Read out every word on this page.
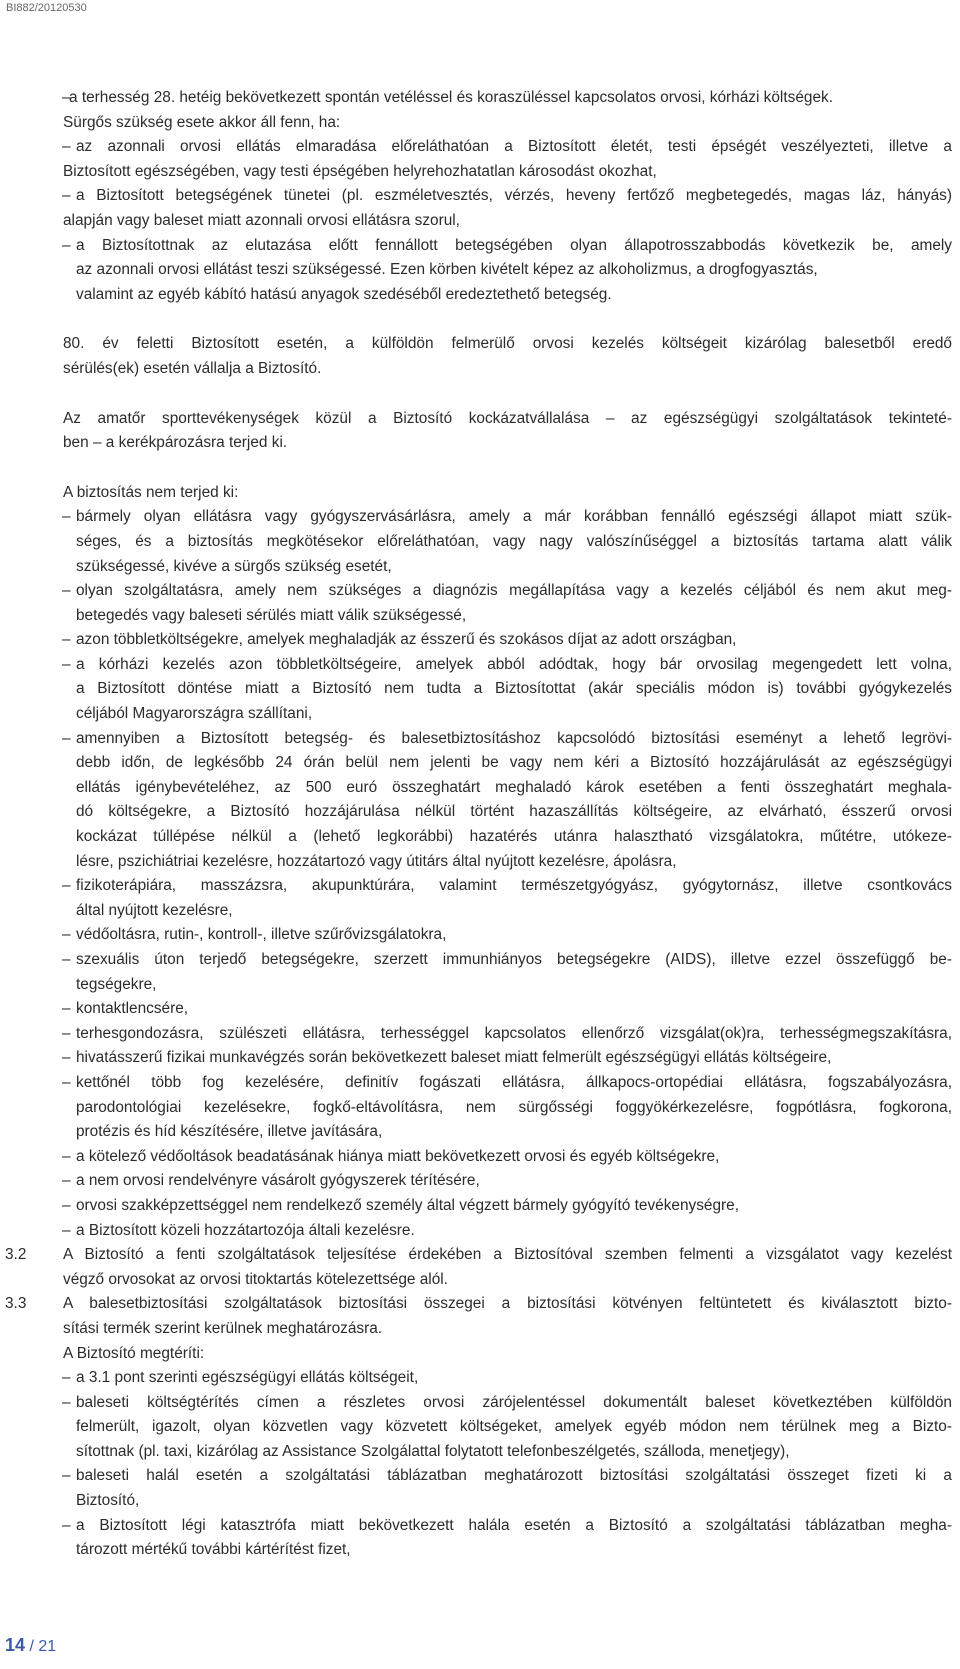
BI882/20120530
–
a terhesség 28. hetéig bekövetkezett spontán vetéléssel és koraszüléssel kapcsolatos orvosi, kórházi költségek.
Sürgős szükség esete akkor áll fenn, ha:
– az azonnali orvosi ellátás elmaradása előreláthatóan a Biztosított életét, testi épségét veszélyezteti, illetve a
Biztosított egészségében, vagy testi épségében helyrehozhatatlan károsodást okozhat,
– a Biztosított betegségének tünetei (pl. eszméletvesztés, vérzés, heveny fertőző megbetegedés, magas láz, hányás)
alapján vagy baleset miatt azonnali orvosi ellátásra szorul,
– a Biztosítottnak az elutazása előtt fennállott betegségében olyan állapotrosszabbodás következik be, amely
az azonnali orvosi ellátást teszi szükségessé. Ezen körben kivételt képez az alkoholizmus, a drogfogyasztás,
valamint az egyéb kábító hatású anyagok szedéséből eredeztethető betegség.
80. év feletti Biztosított esetén, a külföldön felmerülő orvosi kezelés költségeit kizárólag balesetből eredő
sérülés(ek) esetén vállalja a Biztosító.
Az amatőr sporttevékenységek közül a Biztosító kockázatvállalása – az egészségügyi szolgáltatások tekinteté-
ben – a kerékpározásra terjed ki.
A biztosítás nem terjed ki:
– bármely olyan ellátásra vagy gyógyszervásárlásra, amely a már korábban fennálló egészségi állapot miatt szük-
séges, és a biztosítás megkötésekor előreláthatóan, vagy nagy valószínűséggel a biztosítás tartama alatt válik
szükségessé, kivéve a sürgős szükség esetét,
– olyan szolgáltatásra, amely nem szükséges a diagnózis megállapítása vagy a kezelés céljából és nem akut meg-
betegedés vagy baleseti sérülés miatt válik szükségessé,
– azon többletköltségekre, amelyek meghaladják az ésszerű és szokásos díjat az adott országban,
– a kórházi kezelés azon többletköltségeire, amelyek abból adódtak, hogy bár orvosilag megengedett lett volna,
a Biztosított döntése miatt a Biztosító nem tudta a Biztosítottat (akár speciális módon is) további gyógykezelés
céljából Magyarországra szállítani,
– amennyiben a Biztosított betegség- és balesetbiztosításhoz kapcsolódó biztosítási eseményt a lehető legrövi-
debb időn, de legkésőbb 24 órán belül nem jelenti be vagy nem kéri a Biztosító hozzájárulását az egészségügyi
ellátás igénybevételéhez, az 500 euró összeghatárt meghaladó károk esetében a fenti összeghatárt meghala-
dó költségekre, a Biztosító hozzájárulása nélkül történt hazaszállítás költségeire, az elvárható, ésszerű orvosi
kockázat túllépése nélkül a (lehető legkorábbi) hazatérés utánra halasztható vizsgálatokra, műtétre, utókeze-
lésre, pszichiátriai kezelésre, hozzátartozó vagy útitárs által nyújtott kezelésre, ápolásra,
– fizikoterápiára, masszázsra, akupunktúrára, valamint természetgyógyász, gyógytornász, illetve csontkovács
által nyújtott kezelésre,
– védőoltásra, rutin-, kontroll-, illetve szűrővizsgálatokra,
– szexuális úton terjedő betegségekre, szerzett immunhiányos betegségekre (AIDS), illetve ezzel összefüggő be-
tegségekre,
– kontaktlencsére,
– terhesgondozásra, szülészeti ellátásra, terhességgel kapcsolatos ellenőrző vizsgálat(ok)ra, terhességmegszakításra,
– hivatásszerű fizikai munkavégzés során bekövetkezett baleset miatt felmerült egészségügyi ellátás költségeire,
– kettőnél több fog kezelésére, definitív fogászati ellátásra, állkapocs-ortopédiai ellátásra, fogszabályozásra,
parodontológiai kezelésekre, fogkő-eltávolításra, nem sürgősségi foggyökérkezelésre, fogpótlásra, fogkorona,
protézis és híd készítésére, illetve javítására,
– a kötelező védőoltások beadatásának hiánya miatt bekövetkezett orvosi és egyéb költségekre,
– a nem orvosi rendelvényre vásárolt gyógyszerek térítésére,
– orvosi szakképzettséggel nem rendelkező személy által végzett bármely gyógyító tevékenységre,
– a Biztosított közeli hozzátartozója általi kezelésre.
3.2 A Biztosító a fenti szolgáltatások teljesítése érdekében a Biztosítóval szemben felmenti a vizsgálatot vagy kezelést
végző orvosokat az orvosi titoktartás kötelezettsége alól.
3.3 A balesetbiztosítási szolgáltatások biztosítási összegei a biztosítási kötvényen feltüntetett és kiválasztott bizto-
sítási termék szerint kerülnek meghatározásra.
A Biztosító megtéríti:
– a 3.1 pont szerinti egészségügyi ellátás költségeit,
– baleseti költségtérítés címen a részletes orvosi zárójelentéssel dokumentált baleset következtében külföldön
felmerült, igazolt, olyan közvetlen vagy közvetett költségeket, amelyek egyéb módon nem térülnek meg a Bizto-
sítottnak (pl. taxi, kizárólag az Assistance Szolgálattal folytatott telefonbeszélgetés, szálloda, menetjegy),
– baleseti halál esetén a szolgáltatási táblázatban meghatározott biztosítási szolgáltatási összeget fizeti ki a
Biztosító,
– a Biztosított légi katasztrófa miatt bekövetkezett halála esetén a Biztosító a szolgáltatási táblázatban megha-
tározott mértékű további kártérítést fizet,
14 / 21
